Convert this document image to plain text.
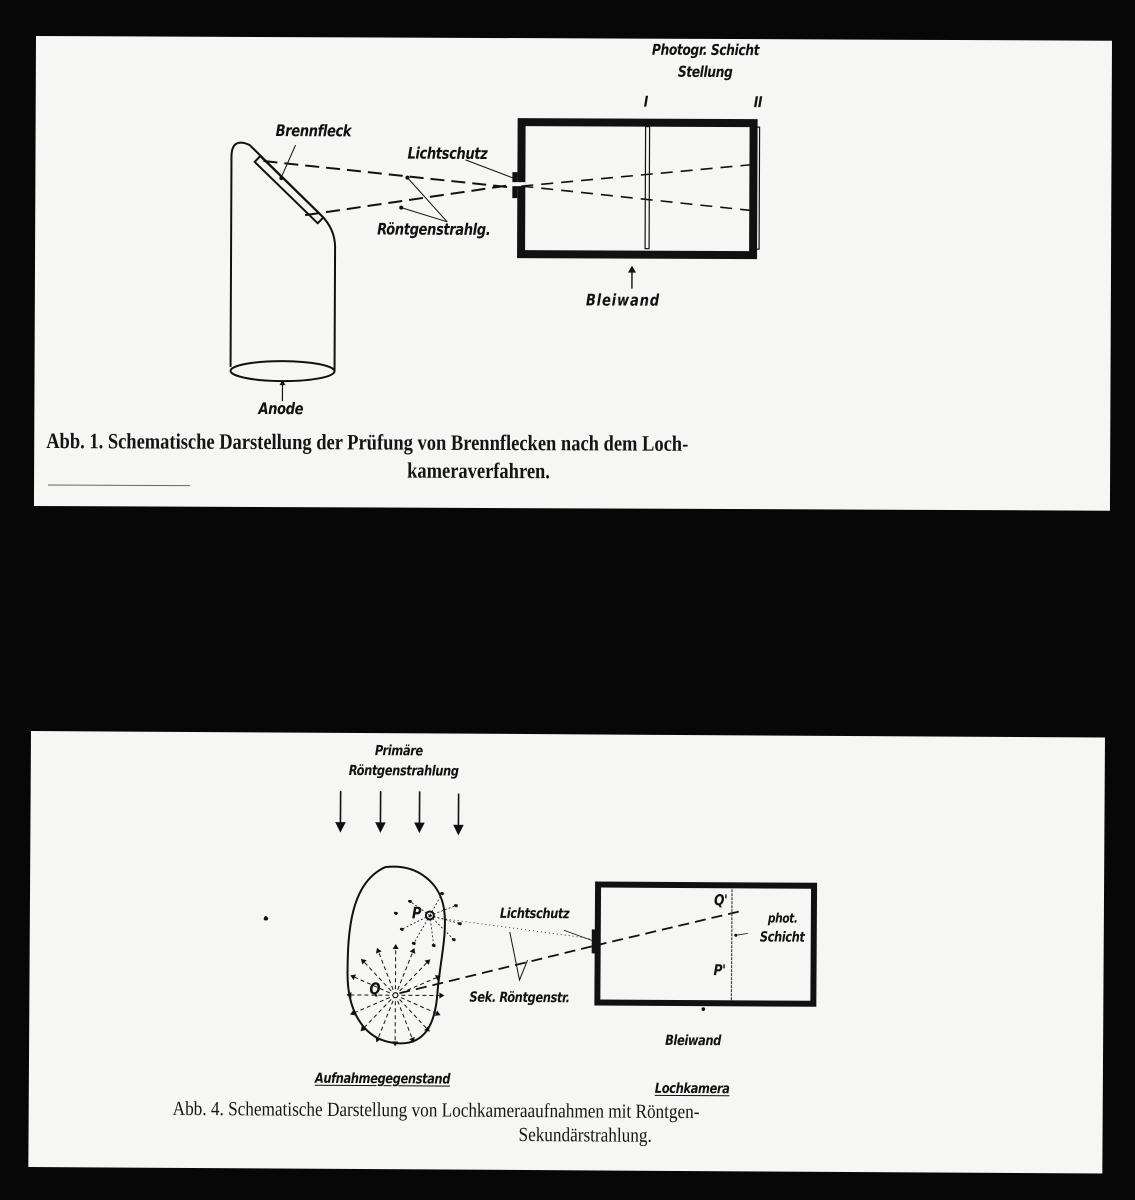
Photogr. Schicht
Stellung
I	II
Brennfleck
Lichtschutz
Röntgenstrahlg.
Bleiwand
Anode
Abb. 1. Schematische Darstellung der Prüfung von Brennflecken nach dem Loch-
kameraverfahren.
Primäre
Röntgenstrahlung
P
Q
Lichtschutz
Sek. Röntgenstr.
Q'
P'
phot.
Schicht
Bleiwand
Aufnahmegegenstand
Lochkamera
Abb. 4. Schematische Darstellung von Lochkameraaufnahmen mit Röntgen-
Sekundärstrahlung.
